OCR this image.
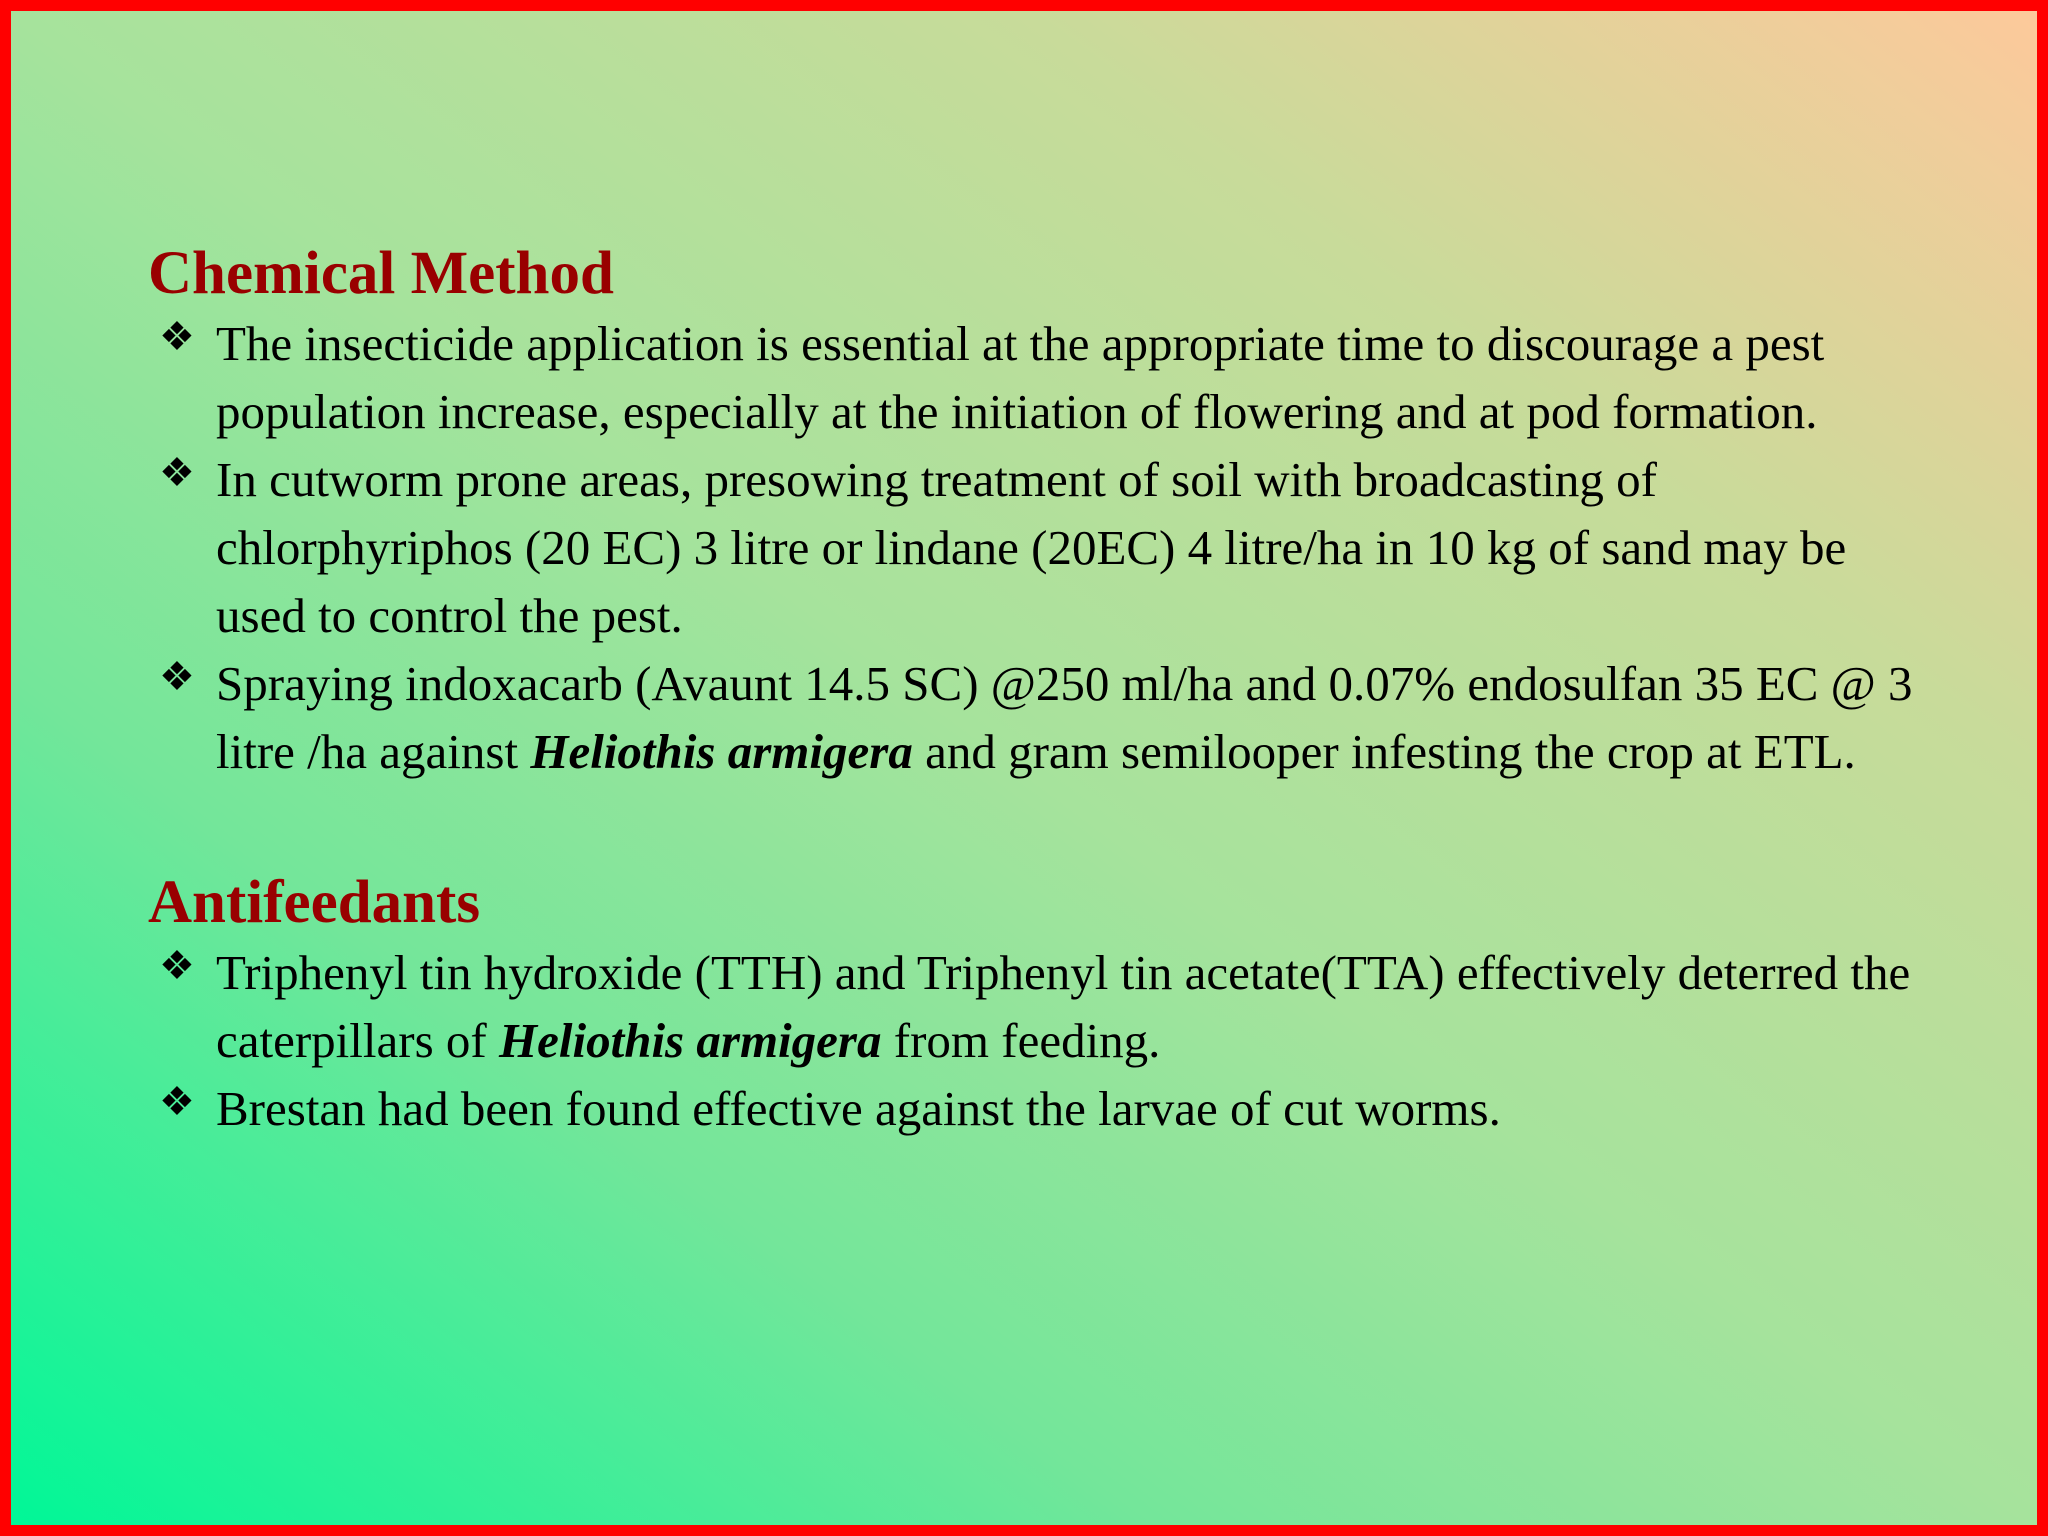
Chemical Method
❖ The insecticide application is essential at the appropriate time to discourage a pest population increase, especially at the initiation of flowering and at pod formation.
❖ In cutworm prone areas, presowing treatment of soil with broadcasting of chlorphyriphos (20 EC) 3 litre or lindane (20EC) 4 litre/ha in 10 kg of sand may be used to control the pest.
❖ Spraying indoxacarb (Avaunt 14.5 SC) @250 ml/ha and 0.07% endosulfan 35 EC @ 3 litre /ha against Heliothis armigera and gram semilooper infesting the crop at ETL.
Antifeedants
❖ Triphenyl tin hydroxide (TTH) and Triphenyl tin acetate(TTA) effectively deterred the caterpillars of Heliothis armigera from feeding.
❖ Brestan had been found effective against the larvae of cut worms.
